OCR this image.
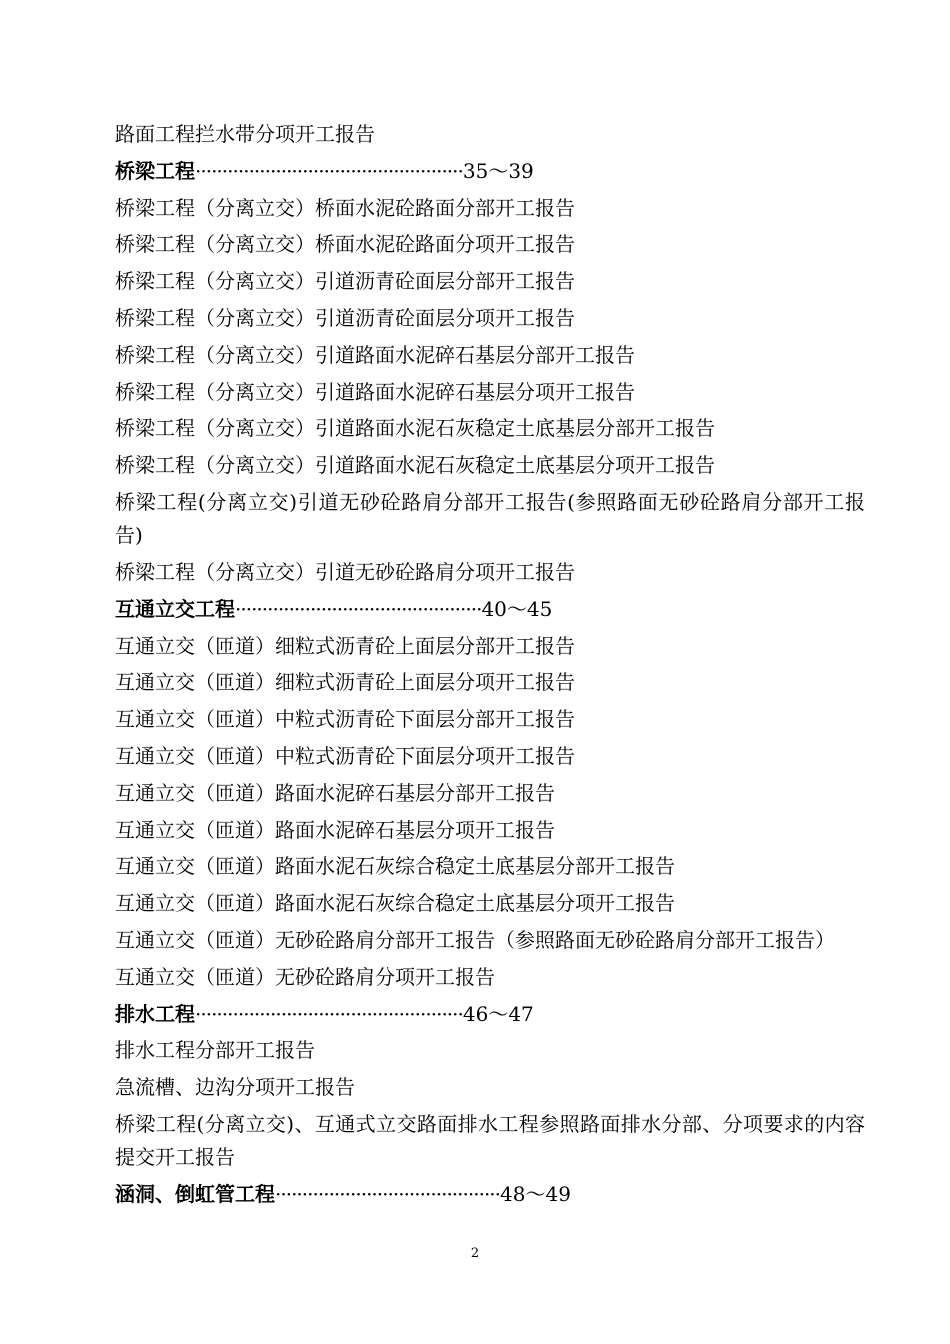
路面工程拦水带分项开工报告
桥梁工程··················································35～39
桥梁工程（分离立交）桥面水泥砼路面分部开工报告
桥梁工程（分离立交）桥面水泥砼路面分项开工报告
桥梁工程（分离立交）引道沥青砼面层分部开工报告
桥梁工程（分离立交）引道沥青砼面层分项开工报告
桥梁工程（分离立交）引道路面水泥碎石基层分部开工报告
桥梁工程（分离立交）引道路面水泥碎石基层分项开工报告
桥梁工程（分离立交）引道路面水泥石灰稳定土底基层分部开工报告
桥梁工程（分离立交）引道路面水泥石灰稳定土底基层分项开工报告
桥梁工程(分离立交)引道无砂砼路肩分部开工报告(参照路面无砂砼路肩分部开工报告)
桥梁工程（分离立交）引道无砂砼路肩分项开工报告
互通立交工程··············································40～45
互通立交（匝道）细粒式沥青砼上面层分部开工报告
互通立交（匝道）细粒式沥青砼上面层分项开工报告
互通立交（匝道）中粒式沥青砼下面层分部开工报告
互通立交（匝道）中粒式沥青砼下面层分项开工报告
互通立交（匝道）路面水泥碎石基层分部开工报告
互通立交（匝道）路面水泥碎石基层分项开工报告
互通立交（匝道）路面水泥石灰综合稳定土底基层分部开工报告
互通立交（匝道）路面水泥石灰综合稳定土底基层分项开工报告
互通立交（匝道）无砂砼路肩分部开工报告（参照路面无砂砼路肩分部开工报告）
互通立交（匝道）无砂砼路肩分项开工报告
排水工程··················································46～47
排水工程分部开工报告
急流槽、边沟分项开工报告
桥梁工程(分离立交)、互通式立交路面排水工程参照路面排水分部、分项要求的内容提交开工报告
涵洞、倒虹管工程··········································48～49
2
